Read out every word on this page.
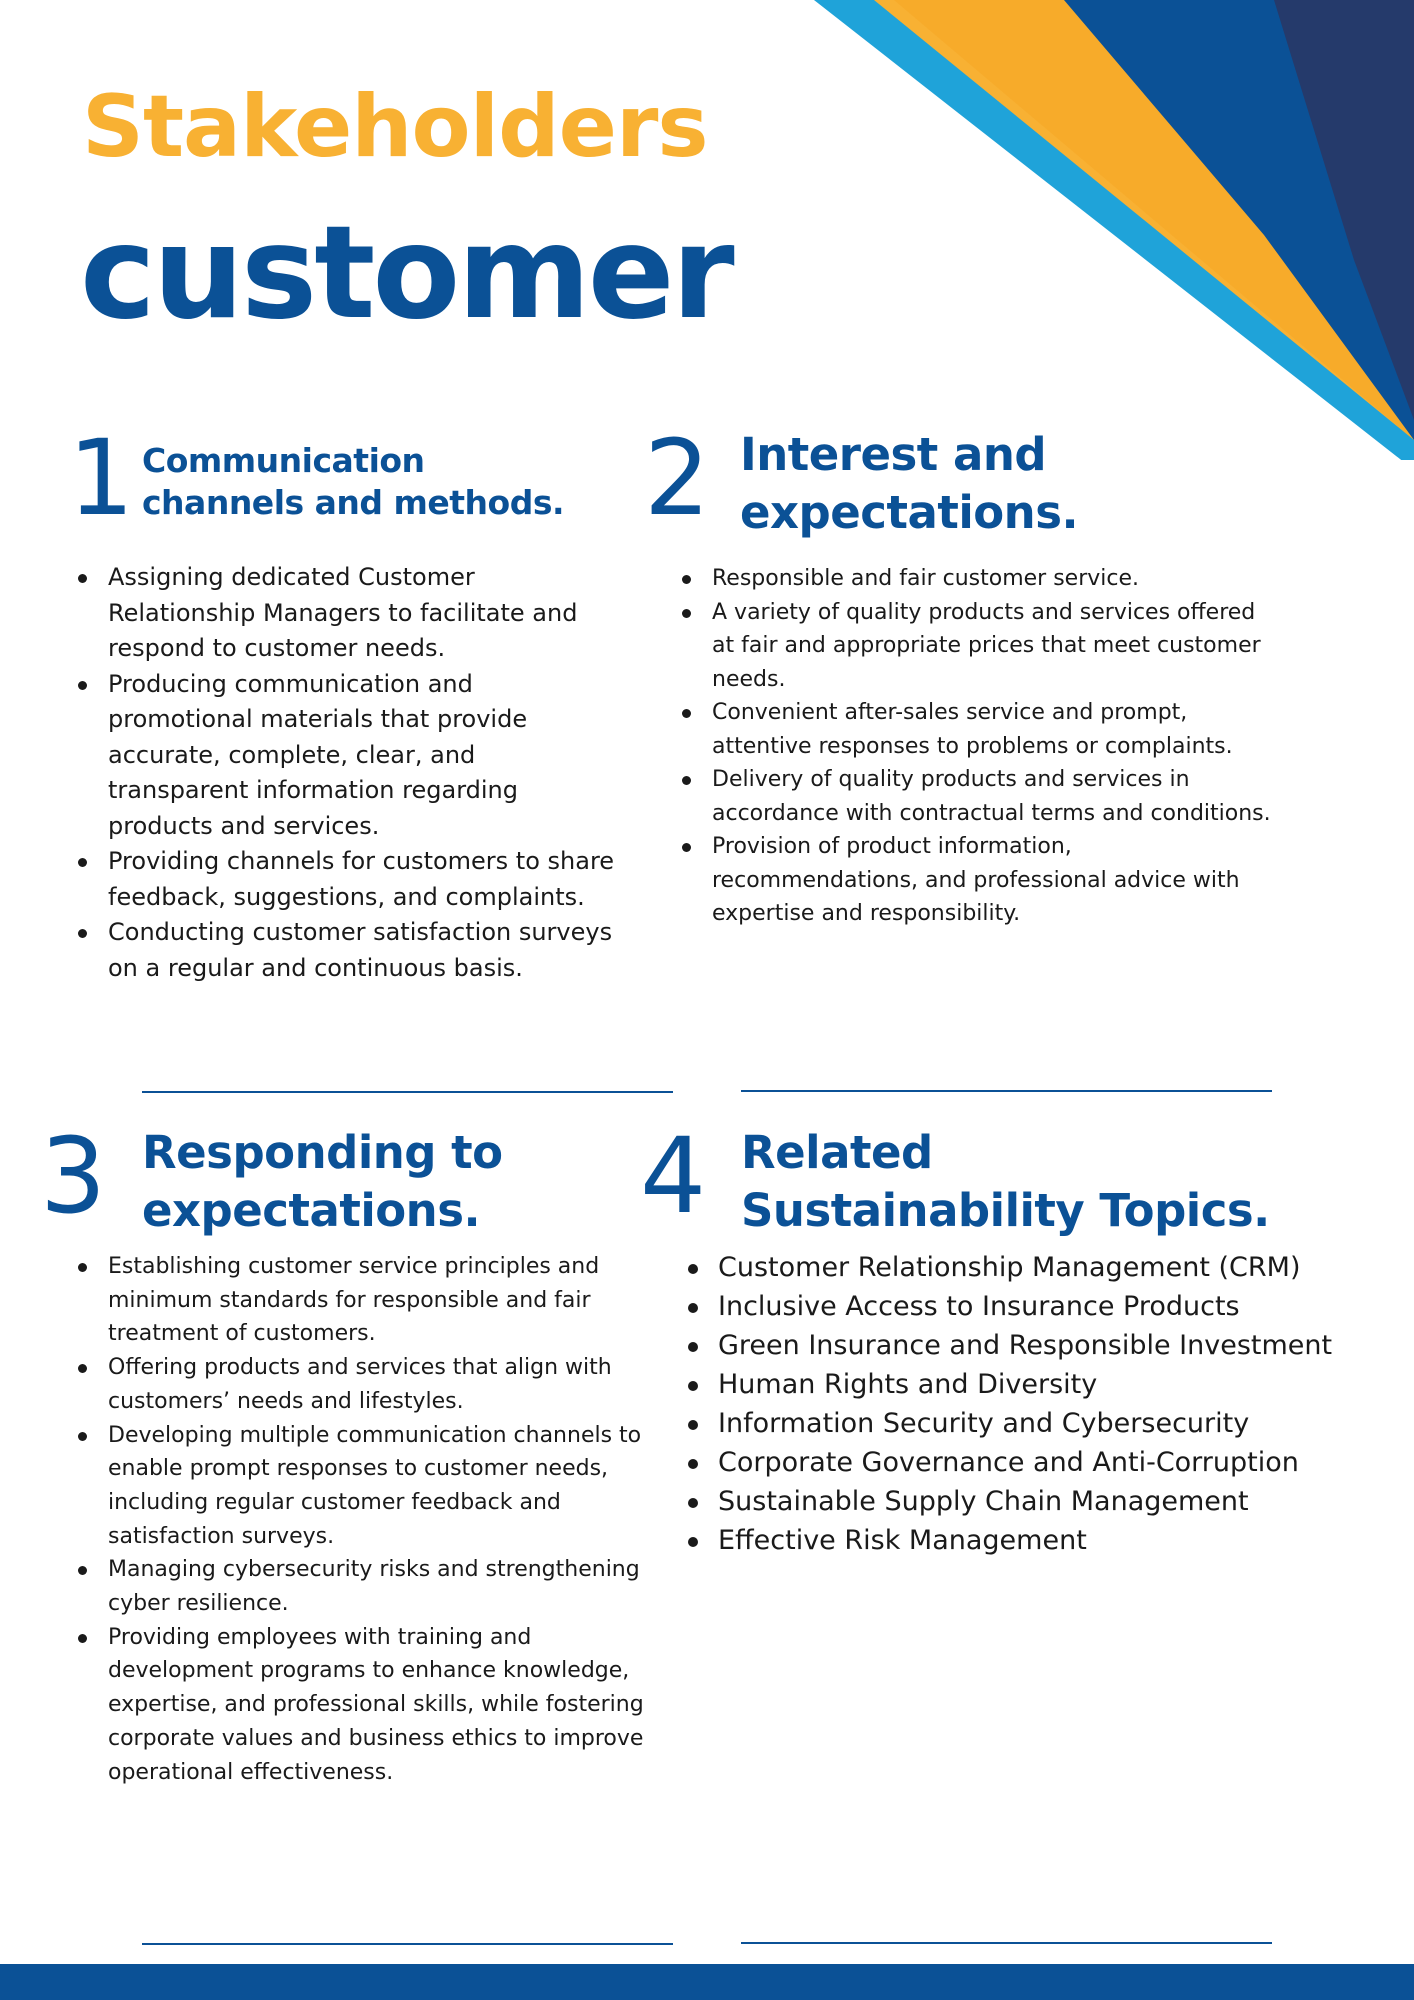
Stakeholders
customer
1 Communication
channels and methods.
Assigning dedicated Customer Relationship Managers to facilitate and respond to customer needs.
Producing communication and promotional materials that provide accurate, complete, clear, and transparent information regarding products and services.
Providing channels for customers to share feedback, suggestions, and complaints.
Conducting customer satisfaction surveys on a regular and continuous basis.
2 Interest and
expectations.
Responsible and fair customer service.
A variety of quality products and services offered at fair and appropriate prices that meet customer needs.
Convenient after-sales service and prompt, attentive responses to problems or complaints.
Delivery of quality products and services in accordance with contractual terms and conditions.
Provision of product information, recommendations, and professional advice with expertise and responsibility.
3 Responding to
expectations.
Establishing customer service principles and minimum standards for responsible and fair treatment of customers.
Offering products and services that align with customers’ needs and lifestyles.
Developing multiple communication channels to enable prompt responses to customer needs, including regular customer feedback and satisfaction surveys.
Managing cybersecurity risks and strengthening cyber resilience.
Providing employees with training and development programs to enhance knowledge, expertise, and professional skills, while fostering corporate values and business ethics to improve operational effectiveness.
4 Related
Sustainability Topics.
Customer Relationship Management (CRM)
Inclusive Access to Insurance Products
Green Insurance and Responsible Investment
Human Rights and Diversity
Information Security and Cybersecurity
Corporate Governance and Anti-Corruption
Sustainable Supply Chain Management
Effective Risk Management
